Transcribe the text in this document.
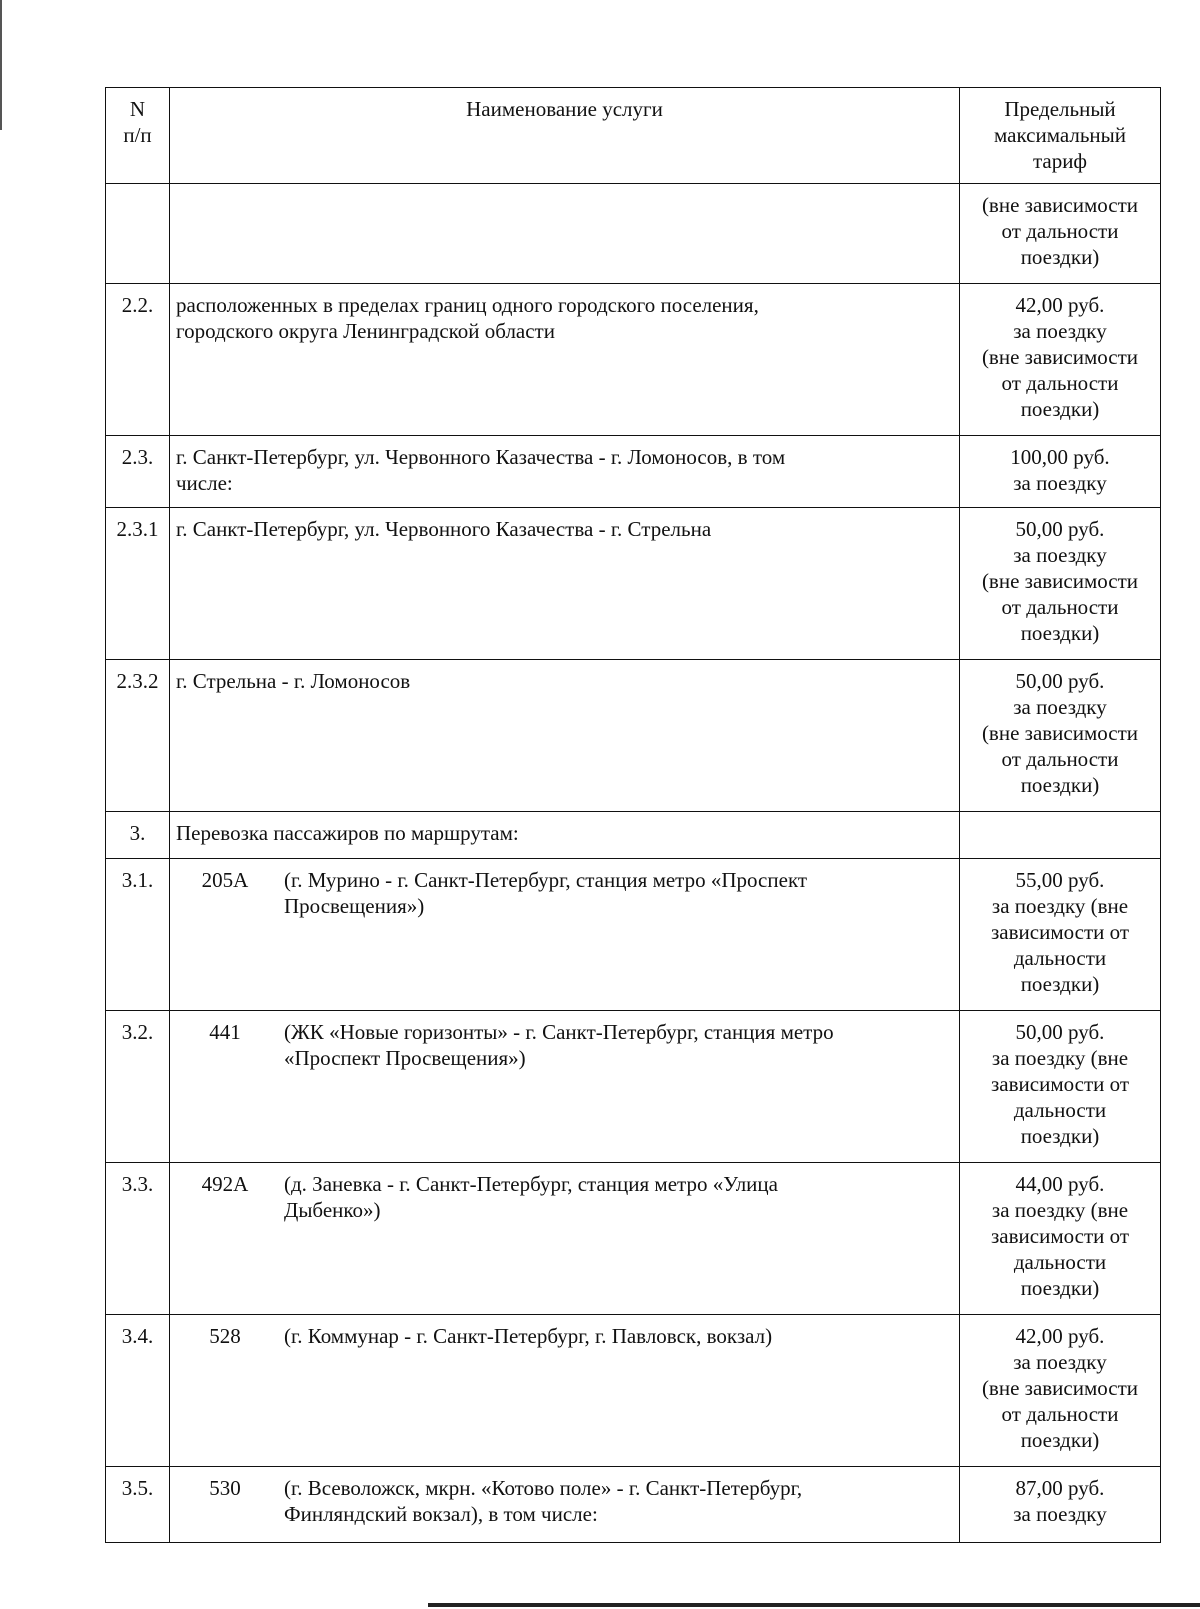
N
п/п	Наименование услуги	Предельный
максимальный
тариф

		(вне зависимости
от дальности
поездки)

2.2.	расположенных в пределах границ одного городского поселения,
городского округа Ленинградской области	42,00 руб.
за поездку
(вне зависимости
от дальности
поездки)

2.3.	г. Санкт-Петербург, ул. Червонного Казачества - г. Ломоносов, в том
числе:	100,00 руб.
за поездку

2.3.1	г. Санкт-Петербург, ул. Червонного Казачества - г. Стрельна	50,00 руб.
за поездку
(вне зависимости
от дальности
поездки)

2.3.2	г. Стрельна - г. Ломоносов	50,00 руб.
за поездку
(вне зависимости
от дальности
поездки)

3.	Перевозка пассажиров по маршрутам:	

3.1.	205А (г. Мурино - г. Санкт-Петербург, станция метро «Проспект
Просвещения»)	55,00 руб.
за поездку (вне
зависимости от
дальности
поездки)

3.2.	441 (ЖК «Новые горизонты» - г. Санкт-Петербург, станция метро
«Проспект Просвещения»)	50,00 руб.
за поездку (вне
зависимости от
дальности
поездки)

3.3.	492А (д. Заневка - г. Санкт-Петербург, станция метро «Улица
Дыбенко»)	44,00 руб.
за поездку (вне
зависимости от
дальности
поездки)

3.4.	528 (г. Коммунар - г. Санкт-Петербург, г. Павловск, вокзал)	42,00 руб.
за поездку
(вне зависимости
от дальности
поездки)

3.5.	530 (г. Всеволожск, мкрн. «Котово поле» - г. Санкт-Петербург,
Финляндский вокзал), в том числе:	87,00 руб.
за поездку
